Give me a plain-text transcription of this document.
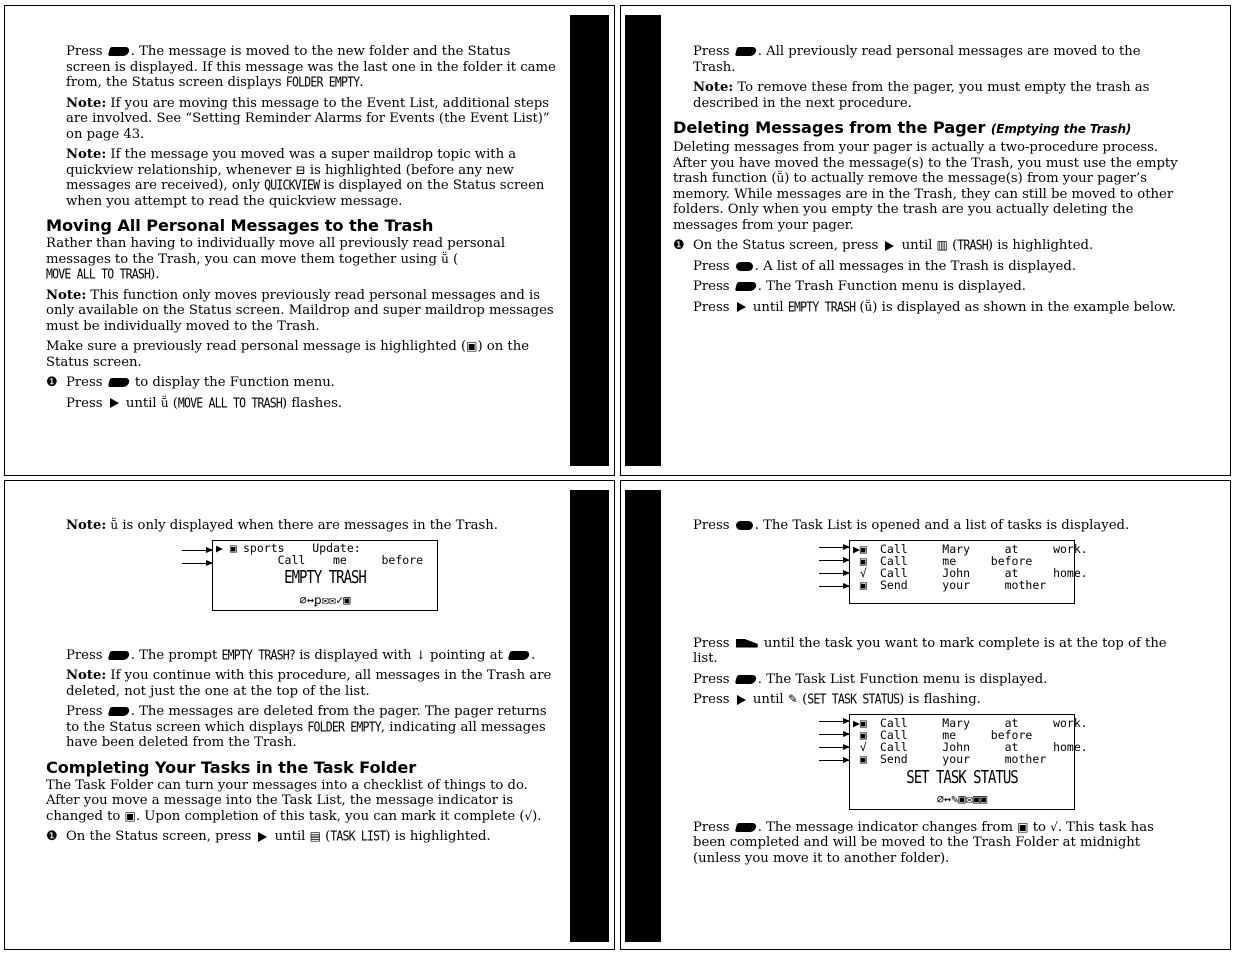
Press . The message is moved to the new folder and the Status screen is displayed. If this message was the last one in the folder it came from, the Status screen displays FOLDER EMPTY.

Note: If you are moving this message to the Event List, additional steps are involved. See “Setting Reminder Alarms for Events (the Event List)” on page 43.

Note: If the message you moved was a super maildrop topic with a quickview relationship, whenever ⊟ is highlighted (before any new messages are received), only QUICKVIEW is displayed on the Status screen when you attempt to read the quickview message.

Moving All Personal Messages to the Trash

Rather than having to individually move all previously read personal messages to the Trash, you can move them together using ṻ (MOVE ALL TO TRASH).

Note: This function only moves previously read personal messages and is only available on the Status screen. Maildrop and super maildrop messages must be individually moved to the Trash.

Make sure a previously read personal message is highlighted (▣) on the Status screen.

❶ Press  to display the Function menu.

Press  until ṻ (MOVE ALL TO TRASH) flashes.

Press . All previously read personal messages are moved to the Trash.

Note: To remove these from the pager, you must empty the trash as described in the next procedure.

Deleting Messages from the Pager (Emptying the Trash)

Deleting messages from your pager is actually a two-procedure process. After you have moved the message(s) to the Trash, you must use the empty trash function (ṻ) to actually remove the message(s) from your pager’s memory. While messages are in the Trash, they can still be moved to other folders. Only when you empty the trash are you actually deleting the messages from your pager.

❶ On the Status screen, press  until ▥ (TRASH) is highlighted.

Press . A list of all messages in the Trash is displayed.

Press . The Trash Function menu is displayed.

Press  until EMPTY TRASH (ṻ) is displayed as shown in the example below.

Note: ṻ is only displayed when there are messages in the Trash.

▶ ▣ sports    Update:
Call    me     before
EMPTY TRASH
⌀↔ꝑ✉✉✓▣

Press . The prompt EMPTY TRASH? is displayed with ↓ pointing at .

Note: If you continue with this procedure, all messages in the Trash are deleted, not just the one at the top of the list.

Press . The messages are deleted from the pager. The pager returns to the Status screen which displays FOLDER EMPTY, indicating all messages have been deleted from the Trash.

Completing Your Tasks in the Task Folder

The Task Folder can turn your messages into a checklist of things to do. After you move a message into the Task List, the message indicator is changed to ▣. Upon completion of this task, you can mark it complete (√).

❶ On the Status screen, press  until ▤ (TASK LIST) is highlighted.

Press . The Task List is opened and a list of tasks is displayed.

▶▣
▣
√
▣
Call     Mary     at     work.
Call     me     before
Call     John     at     home.
Send     your     mother

Press  until the task you want to mark complete is at the top of the list.

Press . The Task List Function menu is displayed.

Press  until ✎ (SET TASK STATUS) is flashing.

▶▣
▣
√
▣
Call     Mary     at     work.
Call     me     before
Call     John     at     home.
Send     your     mother
SET TASK STATUS
⌀↔✎▣✉▣▣

Press . The message indicator changes from ▣ to √. This task has been completed and will be moved to the Trash Folder at midnight (unless you move it to another folder).
